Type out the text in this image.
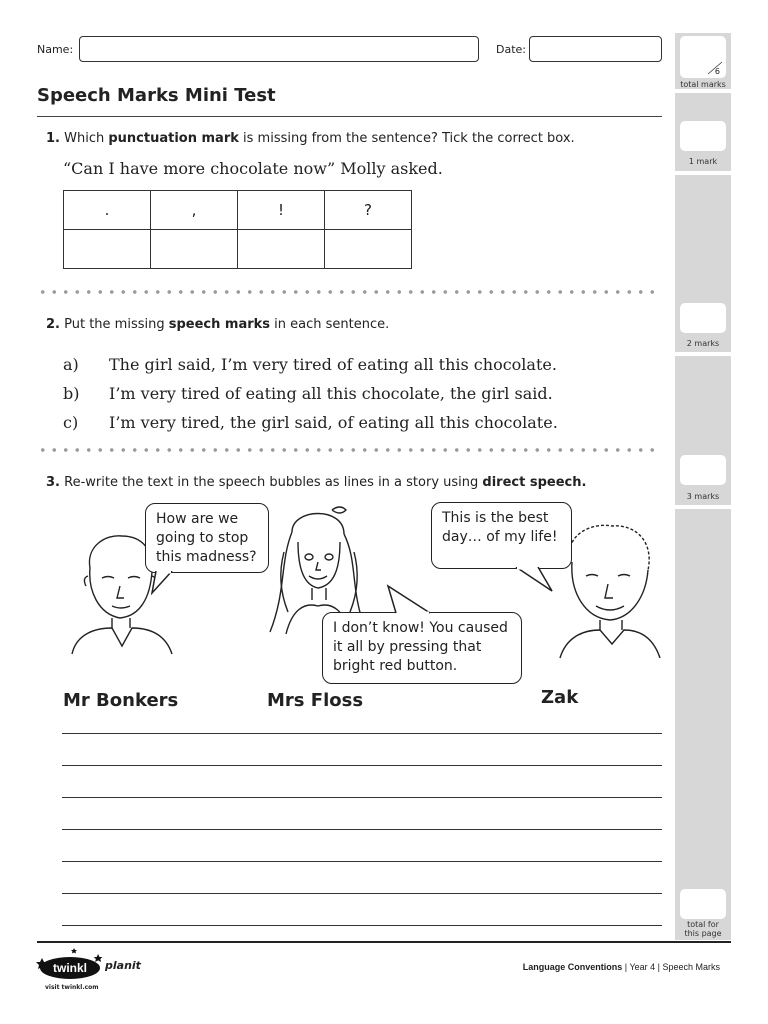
Name:	Date:
6
total marks
1 mark
2 marks
3 marks
total for
this page
Speech Marks Mini Test
1. Which punctuation mark is missing from the sentence? Tick the correct box.
“Can I have more chocolate now” Molly asked.
.	,	!	?

2. Put the missing speech marks in each sentence.
a) The girl said, I’m very tired of eating all this chocolate.
b) I’m very tired of eating all this chocolate, the girl said.
c) I’m very tired, the girl said, of eating all this chocolate.
3. Re-write the text in the speech bubbles as lines in a story using direct speech.
How are we going to stop this madness?
I don’t know! You caused it all by pressing that bright red button.
This is the best day… of my life!
Mr Bonkers	Mrs Floss	Zak
twinkl planit
visit twinkl.com
Language Conventions | Year 4 | Speech Marks
